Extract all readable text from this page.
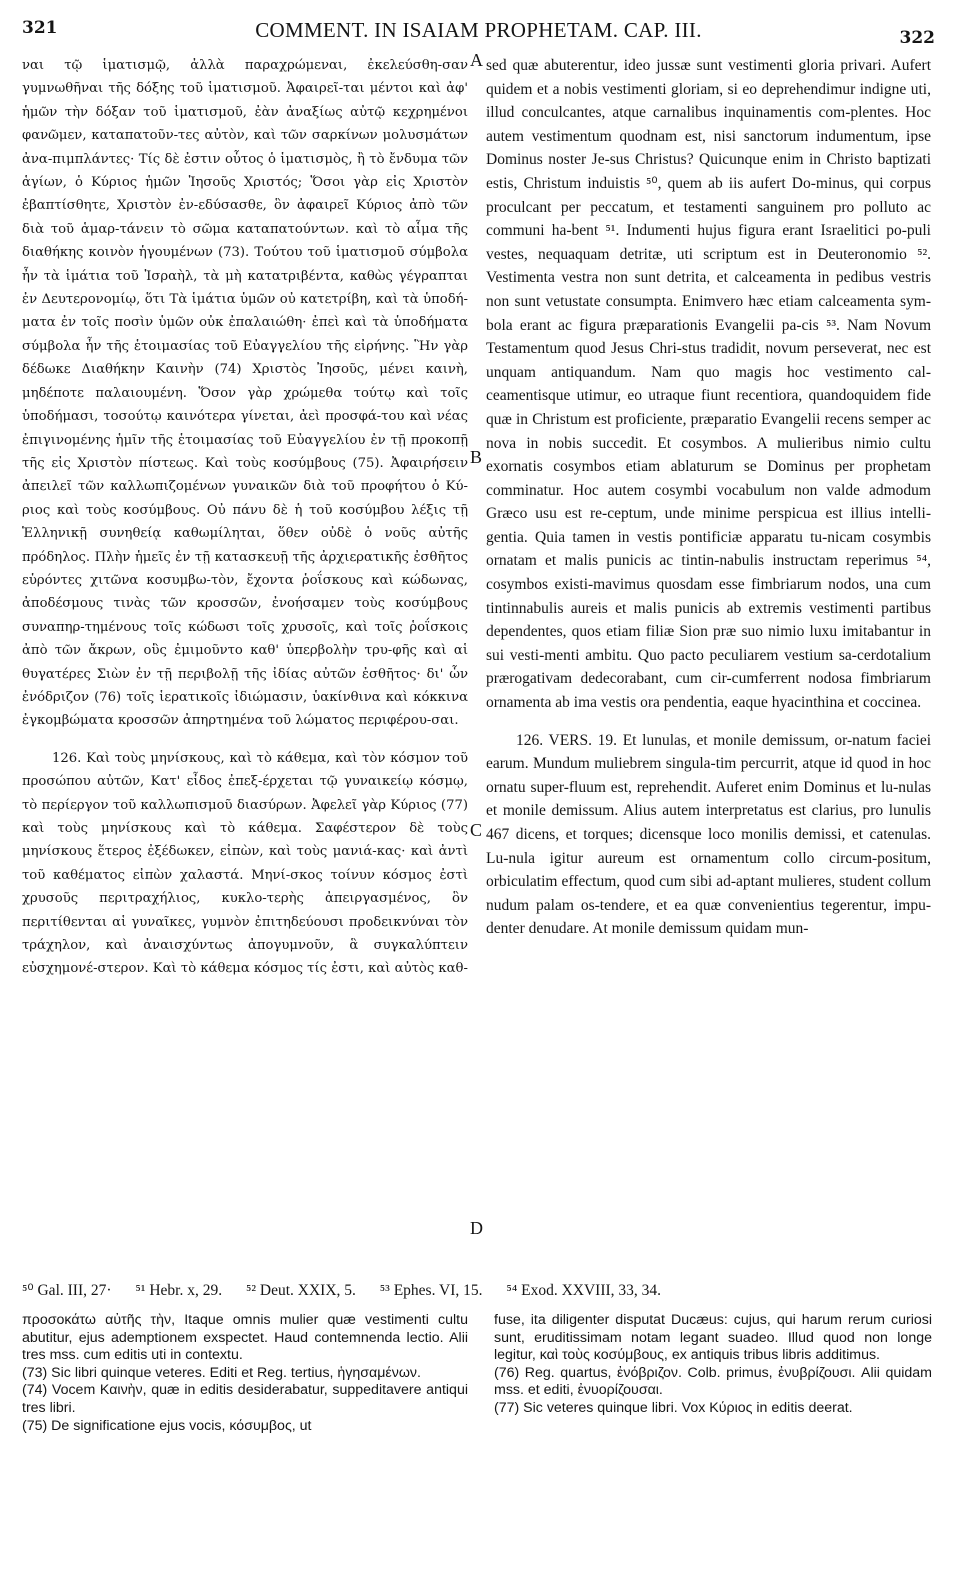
321	COMMENT. IN ISAIAM PROPHETAM. CAP. III.	322

ναι τῷ ἱματισμῷ, ἀλλὰ παραχρώμεναι, ἐκελεύσθη-σαν γυμνωθῆναι τῆς δόξης τοῦ ἱματισμοῦ. Ἀφαιρεῖ-ται μέντοι καὶ ἀφ' ἡμῶν τὴν δόξαν τοῦ ἱματισμοῦ, ἐὰν ἀναξίως αὐτῷ κεχρημένοι φανῶμεν, καταπατοῦν-τες αὐτὸν, καὶ τῶν σαρκίνων μολυσμάτων ἀνα-πιμπλάντες· Τίς δὲ ἐστιν οὗτος ὁ ἱματισμὸς, ἢ τὸ ἔνδυμα τῶν ἁγίων, ὁ Κύριος ἡμῶν Ἰησοῦς Χριστός; Ὅσοι γὰρ εἰς Χριστὸν ἐβαπτίσθητε, Χριστὸν ἐν-εδύσασθε, ὃν ἀφαιρεῖ Κύριος ἀπὸ τῶν διὰ τοῦ ἁμαρ-τάνειν τὸ σῶμα καταπατούντων. καὶ τὸ αἷμα τῆς διαθήκης κοινὸν ἡγουμένων (73). Τούτου τοῦ ἱματισμοῦ σύμβολα ἦν τὰ ἱμάτια τοῦ Ἰσραὴλ, τὰ μὴ κατατριβέντα, καθὼς γέγραπται ἐν Δευτερονομίῳ, ὅτι Τὰ ἱμάτια ὑμῶν οὐ κατετρίβη, καὶ τὰ ὑποδή-ματα ἐν τοῖς ποσὶν ὑμῶν οὐκ ἐπαλαιώθη· ἐπεὶ καὶ τὰ ὑποδήματα σύμβολα ἦν τῆς ἑτοιμασίας τοῦ Εὐαγγελίου τῆς εἰρήνης. Ἣν γὰρ δέδωκε Διαθήκην Καινὴν (74) Χριστὸς Ἰησοῦς, μένει καινὴ, μηδέποτε παλαιουμένη. Ὅσον γὰρ χρώμεθα τούτῳ καὶ τοῖς ὑποδήμασι, τοσούτῳ καινότερα γίνεται, ἀεὶ προσφά-του καὶ νέας ἐπιγινομένης ἡμῖν τῆς ἑτοιμασίας τοῦ Εὐαγγελίου ἐν τῇ προκοπῇ τῆς εἰς Χριστὸν πίστεως. Καὶ τοὺς κοσύμβους (75). Ἀφαιρήσειν ἀπειλεῖ τῶν καλλωπιζομένων γυναικῶν διὰ τοῦ προφήτου ὁ Κύ-ριος καὶ τοὺς κοσύμβους. Οὐ πάνυ δὲ ἡ τοῦ κοσύμβου λέξις τῇ Ἑλληνικῇ συνηθείᾳ καθωμίληται, ὅθεν οὐδὲ ὁ νοῦς αὐτῆς πρόδηλος. Πλὴν ἡμεῖς ἐν τῇ κατασκευῇ τῆς ἀρχιερατικῆς ἐσθῆτος εὑρόντες χιτῶνα κοσυμβω-τὸν, ἔχοντα ῥοΐσκους καὶ κώδωνας, ἀποδέσμους τινὰς τῶν κροσσῶν, ἐνοήσαμεν τοὺς κοσύμβους συναπηρ-τημένους τοῖς κώδωσι τοῖς χρυσοῖς, καὶ τοῖς ῥοΐσκοις ἀπὸ τῶν ἄκρων, οὓς ἐμιμοῦντο καθ' ὑπερβολὴν τρυ-φῆς καὶ αἱ θυγατέρες Σιὼν ἐν τῇ περιβολῇ τῆς ἰδίας αὐτῶν ἐσθῆτος· δι' ὧν ἐνόδριζον (76) τοῖς ἱερατικοῖς ἰδιώμασιν, ὑακίνθινα καὶ κόκκινα ἐγκομβώματα κροσσῶν ἀπηρτημένα τοῦ λώματος περιφέρου-σαι.

126. Καὶ τοὺς μηνίσκους, καὶ τὸ κάθεμα, καὶ τὸν κόσμον τοῦ προσώπου αὐτῶν, Κατ' εἶδος ἐπεξ-έρχεται τῷ γυναικείῳ κόσμῳ, τὸ περίεργον τοῦ καλλωπισμοῦ διασύρων. Ἀφελεῖ γὰρ Κύριος (77) καὶ τοὺς μηνίσκους καὶ τὸ κάθεμα. Σαφέστερον δὲ τοὺς μηνίσκους ἕτερος ἐξέδωκεν, εἰπὼν, καὶ τοὺς μανιά-κας· καὶ ἀντὶ τοῦ καθέματος εἰπὼν χαλαστά. Μηνί-σκος τοίνυν κόσμος ἐστὶ χρυσοῦς περιτραχήλιος, κυκλο-τερὴς ἀπειργασμένος, ὃν περιτίθενται αἱ γυναῖκες, γυμνὸν ἐπιτηδεύουσι προδεικνύναι τὸν τράχηλον, καὶ ἀναισχύντως ἀπογυμνοῦν, ἃ συγκαλύπτειν εὐσχημονέ-στερον. Καὶ τὸ κάθεμα κόσμος τίς ἐστι, καὶ αὐτὸς καθ-

A
B
C
D

sed quæ abuterentur, ideo jussæ sunt vestimenti gloria privari. Aufert quidem et a nobis vestimenti gloriam, si eo deprehendimur indigne uti, illud conculcantes, atque carnalibus inquinamentis com-plentes. Hoc autem vestimentum quodnam est, nisi sanctorum indumentum, ipse Dominus noster Je-sus Christus? Quicunque enim in Christo baptizati estis, Christum induistis ⁵⁰, quem ab iis aufert Do-minus, qui corpus proculcant per peccatum, et testamenti sanguinem pro polluto ac communi ha-bent ⁵¹. Indumenti hujus figura erant Israelitici po-puli vestes, nequaquam detritæ, uti scriptum est in Deuteronomio ⁵². Vestimenta vestra non sunt detrita, et calceamenta in pedibus vestris non sunt vetustate consumpta. Enimvero hæc etiam calceamenta sym-bola erant ac figura præparationis Evangelii pa-cis ⁵³. Nam Novum Testamentum quod Jesus Chri-stus tradidit, novum perseverat, nec est unquam antiquandum. Nam quo magis hoc vestimento cal-ceamentisque utimur, eo utraque fiunt recentiora, quandoquidem fide quæ in Christum est proficiente, præparatio Evangelii recens semper ac nova in nobis succedit. Et cosymbos. A mulieribus nimio cultu exornatis cosymbos etiam ablaturum se Dominus per prophetam comminatur. Hoc autem cosymbi vocabulum non valde admodum Græco usu est re-ceptum, unde minime perspicua est illius intelli-gentia. Quia tamen in vestis pontificiæ apparatu tu-nicam cosymbis ornatam et malis punicis ac tintin-nabulis instructam reperimus ⁵⁴, cosymbos existi-mavimus quosdam esse fimbriarum nodos, una cum tintinnabulis aureis et malis punicis ab extremis vestimenti partibus dependentes, quos etiam filiæ Sion præ suo nimio luxu imitabantur in sui vesti-menti ambitu. Quo pacto peculiarem vestium sa-cerdotalium prærogativam dedecorabant, cum cir-cumferrent nodosa fimbriarum ornamenta ab ima vestis ora pendentia, eaque hyacinthina et coccinea.

126. VERS. 19. Et lunulas, et monile demissum, or-natum faciei earum. Mundum muliebrem singula-tim percurrit, atque id quod in hoc ornatu super-fluum est, reprehendit. Auferet enim Dominus et lu-nulas et monile demissum. Alius autem interpretatus est clarius, pro lunulis 467 dicens, et torques; dicensque loco monilis demissi, et catenulas. Lu-nula igitur aureum est ornamentum collo circum-positum, orbiculatim effectum, quod cum sibi ad-aptant mulieres, student collum nudum palam os-tendere, et ea quæ convenientius tegerentur, impu-denter denudare. At monile demissum quidam mun-

⁵⁰ Gal. III, 27· ⁵¹ Hebr. x, 29. ⁵² Deut. XXIX, 5. ⁵³ Ephes. VI, 15. ⁵⁴ Exod. XXVIII, 33, 34.

προσοκάτω αὐτῆς τὴν, Itaque omnis mulier quæ vestimenti cultu abutitur, ejus ademptionem exspectet. Haud contemnenda lectio. Alii tres mss. cum editis uti in contextu.

(73) Sic libri quinque veteres. Editi et Reg. tertius, ἡγησαμένων.

(74) Vocem Καινὴν, quæ in editis desiderabatur, suppeditavere antiqui tres libri.

(75) De significatione ejus vocis, κόσυμβος, ut

fuse, ita diligenter disputat Ducæus: cujus, qui harum rerum curiosi sunt, eruditissimam notam legant suadeo. Illud quod non longe legitur, καὶ τοὺς κοσύμβους, ex antiquis tribus libris additimus.

(76) Reg. quartus, ἐνόβριζον. Colb. primus, ἐνυβρίζουσι. Alii quidam mss. et editi, ἐνυορίζουσαι.

(77) Sic veteres quinque libri. Vox Κύριος in editis deerat.
